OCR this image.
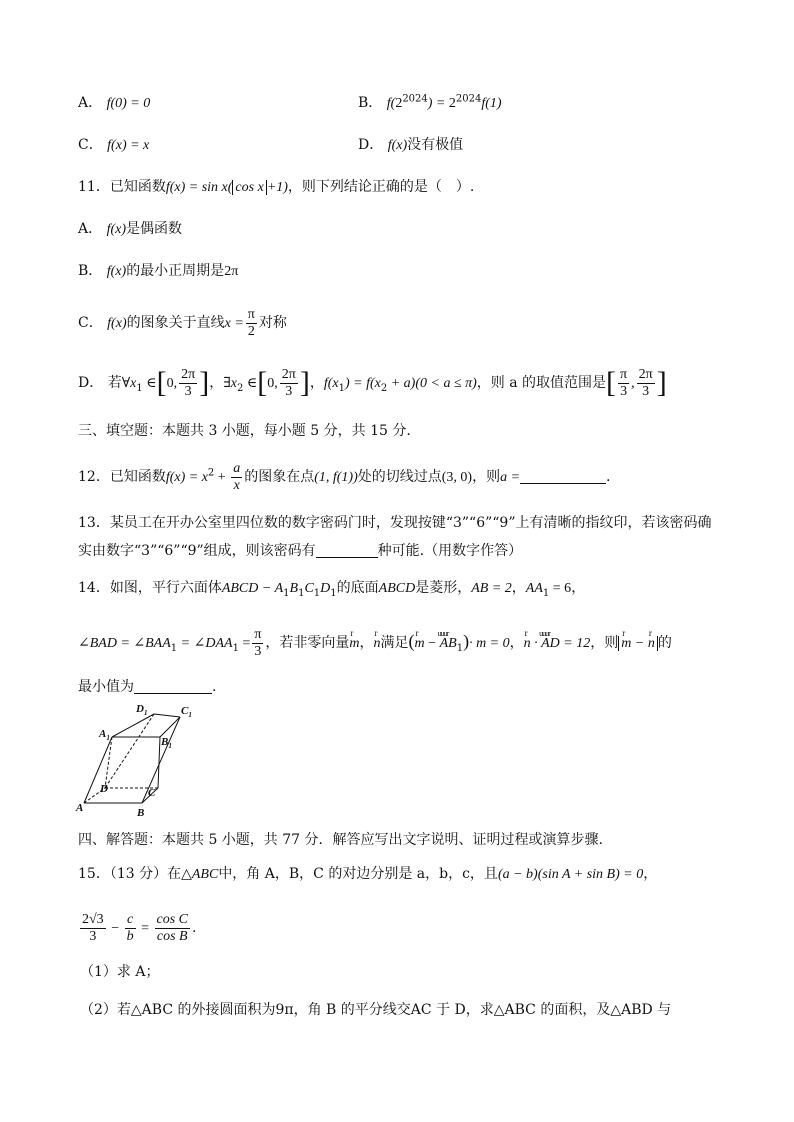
A． f(0) = 0	B． $f(2^{2024}) = 2^{2024}f(1)$
C． f(x) = x	D． f(x)没有极值
11．已知函数f(x) = sin x( cos x +1)，则下列结论正确的是（　）.
A． f(x)是偶函数
B． f(x)的最小正周期是2π
C． f(x)的图象关于直线$x = \frac{\pi}{2}$ 对称
D． 若$\forall x_1$ ∈[0, $\frac{2\pi}{3}$ ]，$\exists x_2$ ∈[0, $\frac{2\pi}{3}$ ]，$f(x_1) = f(x_2 + a)(0 < a \le \pi)$，则 a 的取值范围是[ $\frac{\pi}{3}$ , $\frac{2\pi}{3}$ ]
三、填空题：本题共 3 小题，每小题 5 分，共 15 分.
12．已知函数$f(x) = x^2 + \frac{a}{x}$ 的图象在点(1, f(1))处的切线过点(3, 0)，则a =	.
13．某员工在开办公室里四位数的数字密码门时，发现按键“3”“6”“9”上有清晰的指纹印，若该密码确
实由数字“3”“6”“9”组成，则该密码有	种可能.（用数字作答）
14．如图，平行六面体ABCD − $A_1B_1C_1D_1$的底面ABCD是菱形，AB = 2，$AA_1 = 6$，
∠BAD = $\angle BAA_1$ = $\angle DAA_1 = \frac{\pi}{3}$ ，若非零向量r m，r n满足(r m − uuur $AB_1)\cdot m = 0$，r n · uuur AD = 12，则r m − r n 的
最小值为	.
$D_1$	$C_1$
$A_1$	$B_1$
D	C
A	B
四、解答题：本题共 5 小题，共 77 分．解答应写出文字说明、证明过程或演算步骤.
15．（13 分）在△ABC中，角 A，B，C 的对边分别是 a，b，c，且(a − b)(sin A + sin B) = 0，
$\frac{2√3}{3} - \frac{c}{b} = \frac{\text{cos C}}{\text{cos B}}$ .
（1）求 A；
（2）若△ABC 的外接圆面积为9π，角 B 的平分线交AC 于 D，求△ABC 的面积，及△ABD 与
